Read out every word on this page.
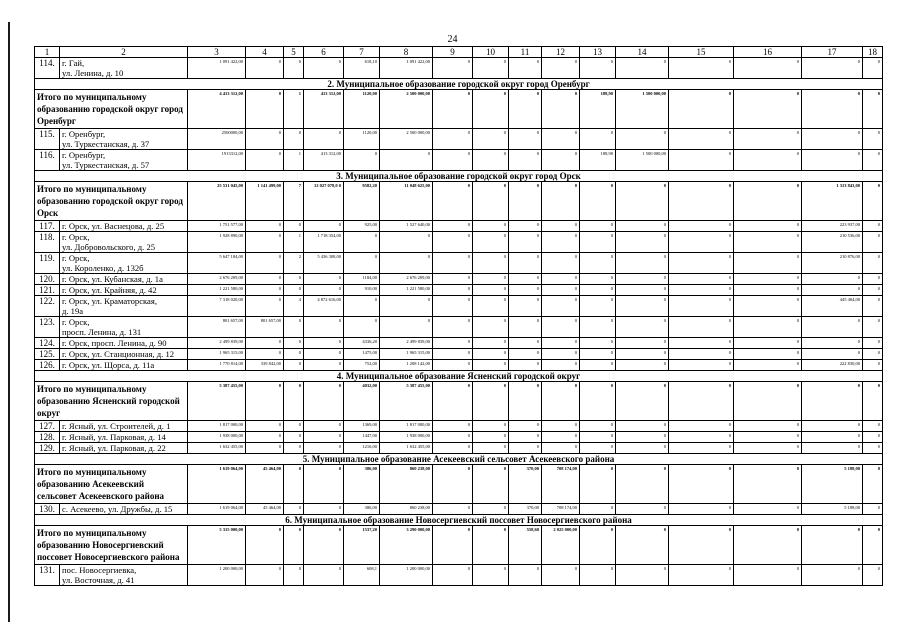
24
1	2	3	4	5	6	7	8	9	10	11	12	13	14	15	16	17	18
114.	г. Гай,
ул. Ленина, д. 10	1 091 422,00	0	0	0	618,10	1 091 422,00	0	0	0	0	0	0	0	0	0	0
2. Муниципальное образование городской округ город Оренбург																	
Итого по муниципальному образованию городской округ город Оренбург		4 413 312,00	0	1	413 312,00	1120,00	2 500 000,00	0	0	0	0	188,90	1 500 000,00	0	0	0	0
115.	г. Оренбург,
ул. Туркестанская, д. 37	2500000,00	0	0	0	1120,00	2 500 000,00	0	0	0	0	0	0	0	0	0	0
116.	г. Оренбург,
ул. Туркестанская, д. 57	1913312,00	0	1	413 312,00	0	0	0	0	0	0	188,90	1 500 000,00	0	0	0	0
3. Муниципальное образование городской округ город Орск																	
Итого по муниципальному образованию городской округ город Орск		25 531 045,00	1 141 499,00	7	12 027 078,0 0	9582,20	11 048 625,00	0	0	0	0	0	0	0	0	1 313 843,00	0
117.	г. Орск, ул. Васнецова, д. 25	1 751 577,00	0	0	0	925,00	1 527 640,00	0	0	0	0	0	0	0	0	223 937,00	0
118.	г. Орск,
ул. Добровольского, д. 25	1 928 890,00	0	1	1 718 354,00	0	0	0	0	0	0	0	0	0	0	210 536,00	0
119.	г. Орск,
ул. Короленко, д. 132б	5 647 184,00	0	2	5 436 308,00	0	0	0	0	0	0	0	0	0	0	210 876,00	0
120.	г. Орск, ул. Кубанская, д. 1а	2 676 209,00	0	0	0	1184,00	2 676 209,00	0	0	0	0	0	0	0	0	0	0
121.	г. Орск, ул. Крайняя, д. 42	1 221 580,00	0	0	0	910,00	1 221 580,00	0	0	0	0	0	0	0	0	0	0
122.	г. Орск, ул. Краматорская,
д. 19а	7 318 020,00	0	4	4 872 616,00	0	0	0	0	0	0	0	0	0	0	445 404,00	0
123.	г. Орск,
просп. Ленина, д. 131	801 657,00	801 657,00	0	0	0	0	0	0	0	0	0	0	0	0	0	0
124.	г. Орск, просп. Ленина, д. 90	2 499 839,00	0	0	0	4336,20	2 499 839,00	0	0	0	0	0	0	0	0	0	0
125.	г. Орск, ул. Станционная, д. 12	1 965 315,00	0	0	0	1475,00	1 965 315,00	0	0	0	0	0	0	0	0	0	0
126.	г. Орск, ул. Щорса, д. 11а	1 770 814,00	339 842,00	0	0	752,00	1 208 142,00	0	0	0	0	0	0	0	0	222 830,00	0
4. Муниципальное образование Ясненский городской округ																	
Итого по муниципальному образованию Ясненский городской округ		5 387 455,00	0	0	0	4032,00	5 387 455,00	0	0	0	0	0	0	0	0	0	0
127.	г. Ясный, ул. Строителей, д. 1	1 817 000,00	0	0	0	1369,00	1 817 000,00	0	0	0	0	0	0	0	0	0	0
128.	г. Ясный, ул. Парковая, д. 14	1 938 000,00	0	0	0	1447,00	1 938 000,00	0	0	0	0	0	0	0	0	0	0
129.	г. Ясный, ул. Парковая, д. 22	1 632 455,00	0	0	0	1216,00	1 632 455,00	0	0	0	0	0	0	0	0	0	0
5. Муниципальное образование Асекеевский сельсовет Асекеевского района																	
Итого по муниципальному образованию Асекеевский сельсовет Асекеевского района		1 619 064,00	45 464,00	0	0	386,00	860 238,00	0	0	370,00	708 174,00	0	0	0	0	5 188,00	0
130.	с. Асекеево, ул. Дружбы, д. 15	1 619 064,00	45 464,00	0	0	386,00	860 238,00	0	0	370,00	708 174,00	0	0	0	0	5 188,00	0
6. Муниципальное образование Новосергиевский поссовет Новосергиевского района																	
Итого по муниципальному образованию Новосергиевский поссовет Новосергиевского района		5 315 000,00	0	0	0	1537,20	3 290 000,00	0	0	558,60	2 025 000,00	0	0	0	0	0	0
131.	пос. Новосергиевка,
ул. Восточная, д. 41	1 200 000,00	0	0	0	608,1	1 200 000,00	0	0	0	0	0	0	0	0	0	0
